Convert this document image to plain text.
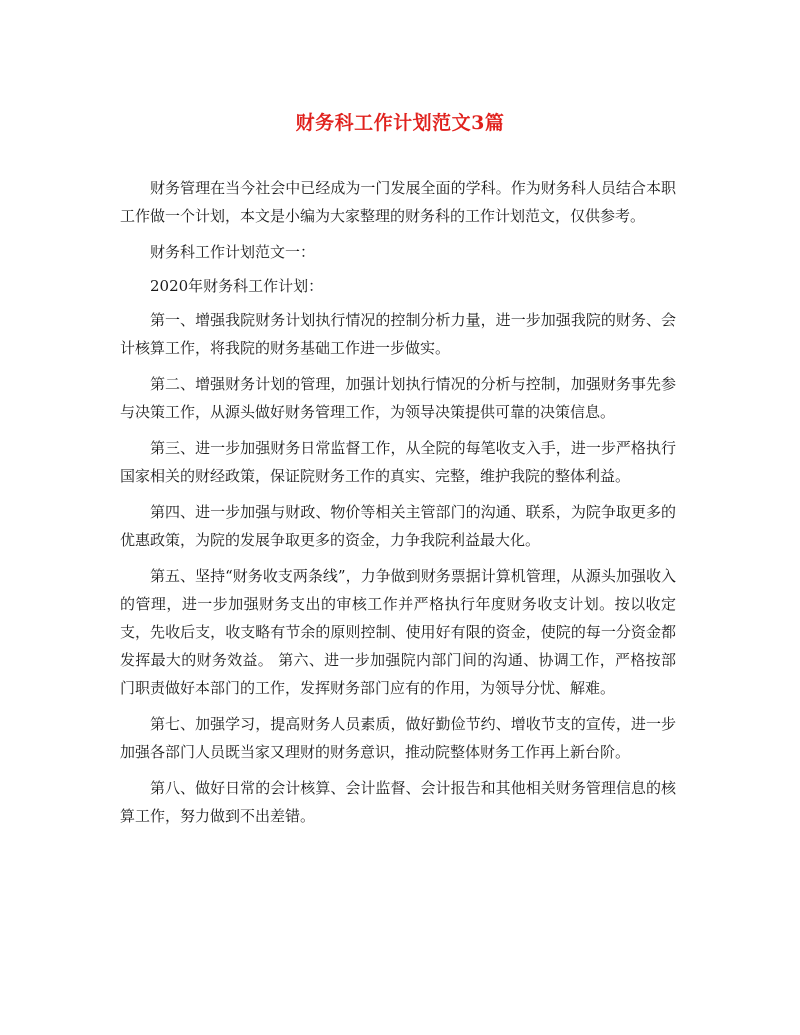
财务科工作计划范文3篇

财务管理在当今社会中已经成为一门发展全面的学科。作为财务科人员结合本职工作做一个计划，本文是小编为大家整理的财务科的工作计划范文，仅供参考。

财务科工作计划范文一：

2020年财务科工作计划：

第一、增强我院财务计划执行情况的控制分析力量，进一步加强我院的财务、会计核算工作，将我院的财务基础工作进一步做实。

第二、增强财务计划的管理，加强计划执行情况的分析与控制，加强财务事先参与决策工作，从源头做好财务管理工作，为领导决策提供可靠的决策信息。

第三、进一步加强财务日常监督工作，从全院的每笔收支入手，进一步严格执行国家相关的财经政策，保证院财务工作的真实、完整，维护我院的整体利益。

第四、进一步加强与财政、物价等相关主管部门的沟通、联系，为院争取更多的优惠政策，为院的发展争取更多的资金，力争我院利益最大化。

第五、坚持“财务收支两条线”，力争做到财务票据计算机管理，从源头加强收入的管理，进一步加强财务支出的审核工作并严格执行年度财务收支计划。按以收定支，先收后支，收支略有节余的原则控制、使用好有限的资金，使院的每一分资金都发挥最大的财务效益。 第六、进一步加强院内部门间的沟通、协调工作，严格按部门职责做好本部门的工作，发挥财务部门应有的作用，为领导分忧、解难。

第七、加强学习，提高财务人员素质，做好勤俭节约、增收节支的宣传，进一步加强各部门人员既当家又理财的财务意识，推动院整体财务工作再上新台阶。

第八、做好日常的会计核算、会计监督、会计报告和其他相关财务管理信息的核算工作，努力做到不出差错。
